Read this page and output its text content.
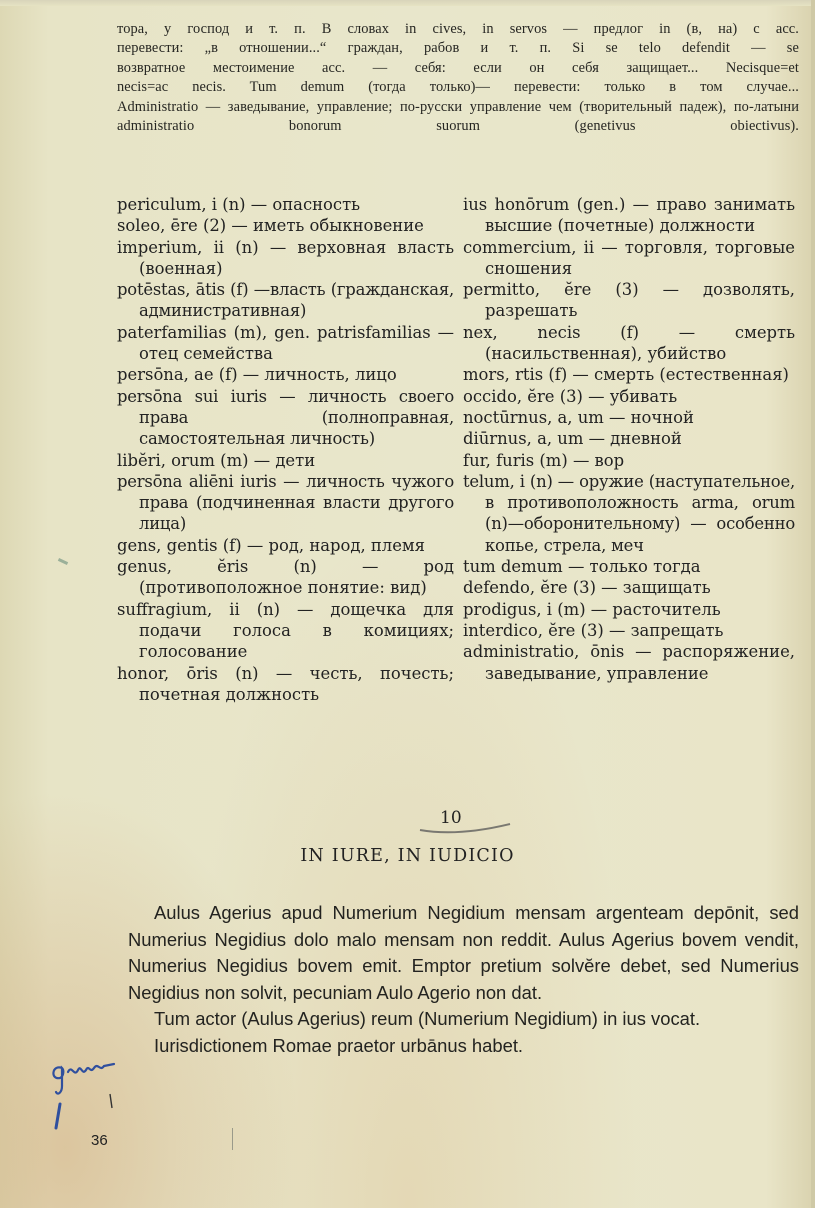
тора, у господ и т. п. В словах in cives, in servos — предлог in (в, на) с acc.

перевести: „в отношении...“ граждан, рабов и т. п. Si se telo defendit — se

возвратное местоимение acc. — себя: если он себя защищает... Necisque=et

necis=ac necis. Tum demum (тогда только)— перевести: только в том случае...

Administratio — заведывание, управление; по-русски управление чем (творительный падеж), по-латыни administratio bonorum suorum (genetivus obiectivus).

periculum, i (n) — опасность

soleo, ēre (2) — иметь обыкновение

imperium, ii (n) — верховная власть (военная)

potēstas, ātis (f) —власть (гражданская, административная)

paterfamilias (m), gen. patrisfamilias — отец семейства

persōna, ae (f) — личность, лицо

persōna sui iuris — личность своего права (полноправная, самостоятельная личность)

libĕri, orum (m) — дети

persōna aliēni iuris — личность чужого права (подчиненная власти другого лица)

gens, gentis (f) — род, народ, племя

genus, ĕris (n) — род (противоположное понятие: вид)

suffragium, ii (n) — дощечка для подачи голоса в комициях; голосование

honor, ōris (n) — честь, почесть; почетная должность

ius honōrum (gen.) — право занимать высшие (почетные) должности

commercium, ii — торговля, торговые сношения

permitto, ĕre (3) — дозволять, разрешать

nex, necis (f) — смерть (насильственная), убийство

mors, rtis (f) — смерть (естественная)

occido, ĕre (3) — убивать

noctūrnus, a, um — ночной

diūrnus, a, um — дневной

fur, furis (m) — вор

telum, i (n) — оружие (наступательное, в противоположность arma, orum (n)—оборонительному) — особенно копье, стрела, меч

tum demum — только тогда

defendo, ĕre (3) — защищать

prodigus, i (m) — расточитель

interdico, ĕre (3) — запрещать

administratio, ōnis — распоряжение, заведывание, управление

10
IN IURE, IN IUDICIO

Aulus Agerius apud Numerium Negidium mensam argenteam depōnit, sed Numerius Negidius dolo malo mensam non reddit. Aulus Agerius bovem vendit, Numerius Negidius bovem emit. Emptor pretium solvĕre debet, sed Numerius Negidius non solvit, pecuniam Aulo Agerio non dat.

Tum actor (Aulus Agerius) reum (Numerium Negidium) in ius vocat.

Iurisdictionem Romae praetor urbānus habet.

36
